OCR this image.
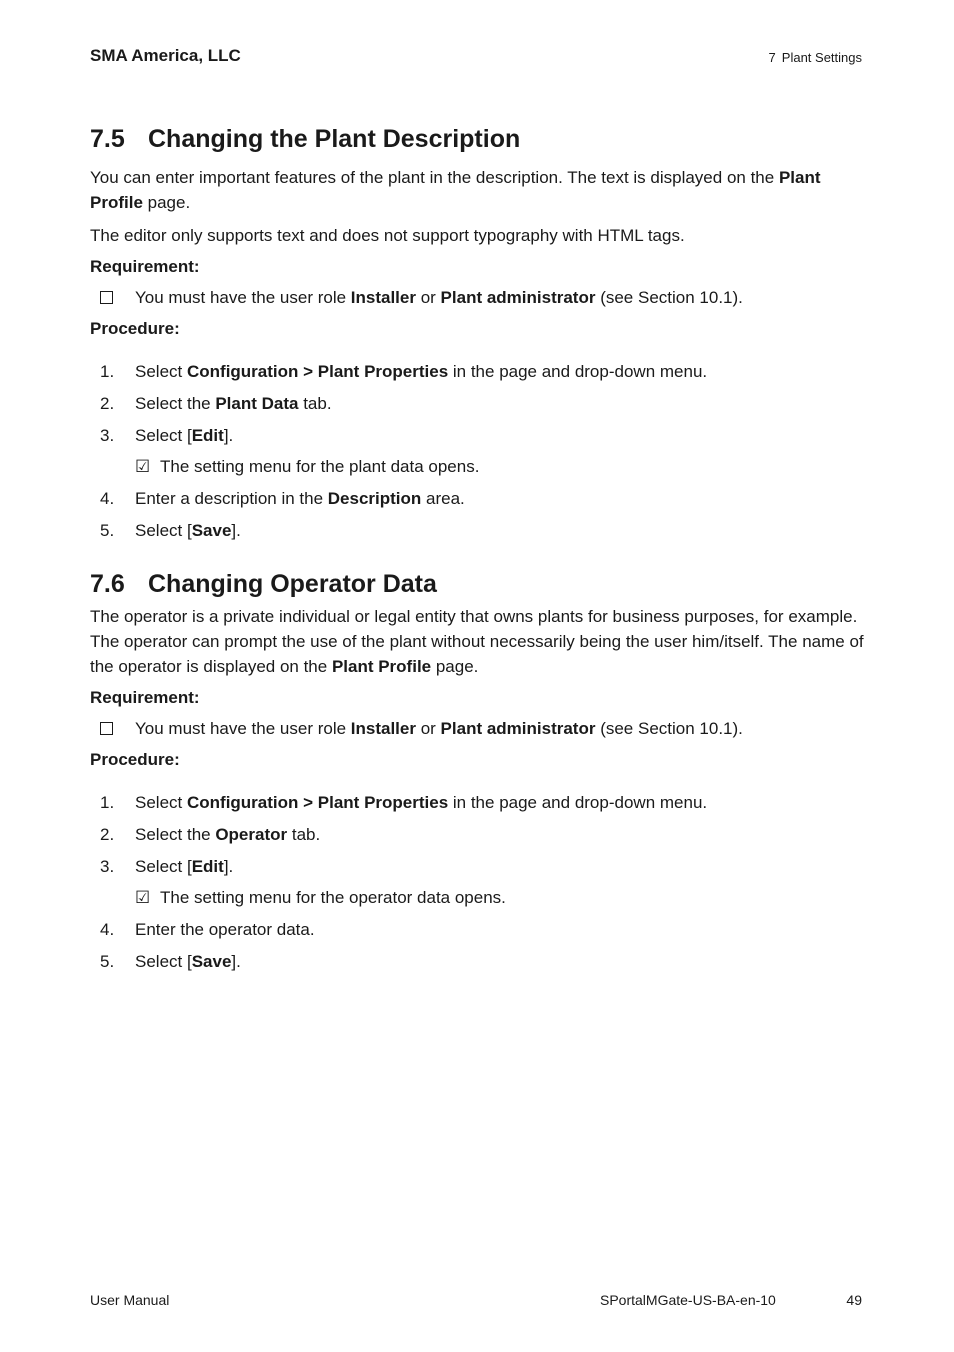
SMA America, LLC	7 Plant Settings
7.5 Changing the Plant Description

You can enter important features of the plant in the description. The text is displayed on the Plant Profile page.

The editor only supports text and does not support typography with HTML tags.

Requirement:
You must have the user role Installer or Plant administrator (see Section 10.1).
Procedure:
1. Select Configuration > Plant Properties in the page and drop-down menu.
2. Select the Plant Data tab.
3. Select [Edit].
☑ The setting menu for the plant data opens.
4. Enter a description in the Description area.
5. Select [Save].
7.6 Changing Operator Data

The operator is a private individual or legal entity that owns plants for business purposes, for example. The operator can prompt the use of the plant without necessarily being the user him/itself. The name of the operator is displayed on the Plant Profile page.

Requirement:
You must have the user role Installer or Plant administrator (see Section 10.1).
Procedure:
1. Select Configuration > Plant Properties in the page and drop-down menu.
2. Select the Operator tab.
3. Select [Edit].
☑ The setting menu for the operator data opens.
4. Enter the operator data.
5. Select [Save].
User Manual	SPortalMGate-US-BA-en-10	49
